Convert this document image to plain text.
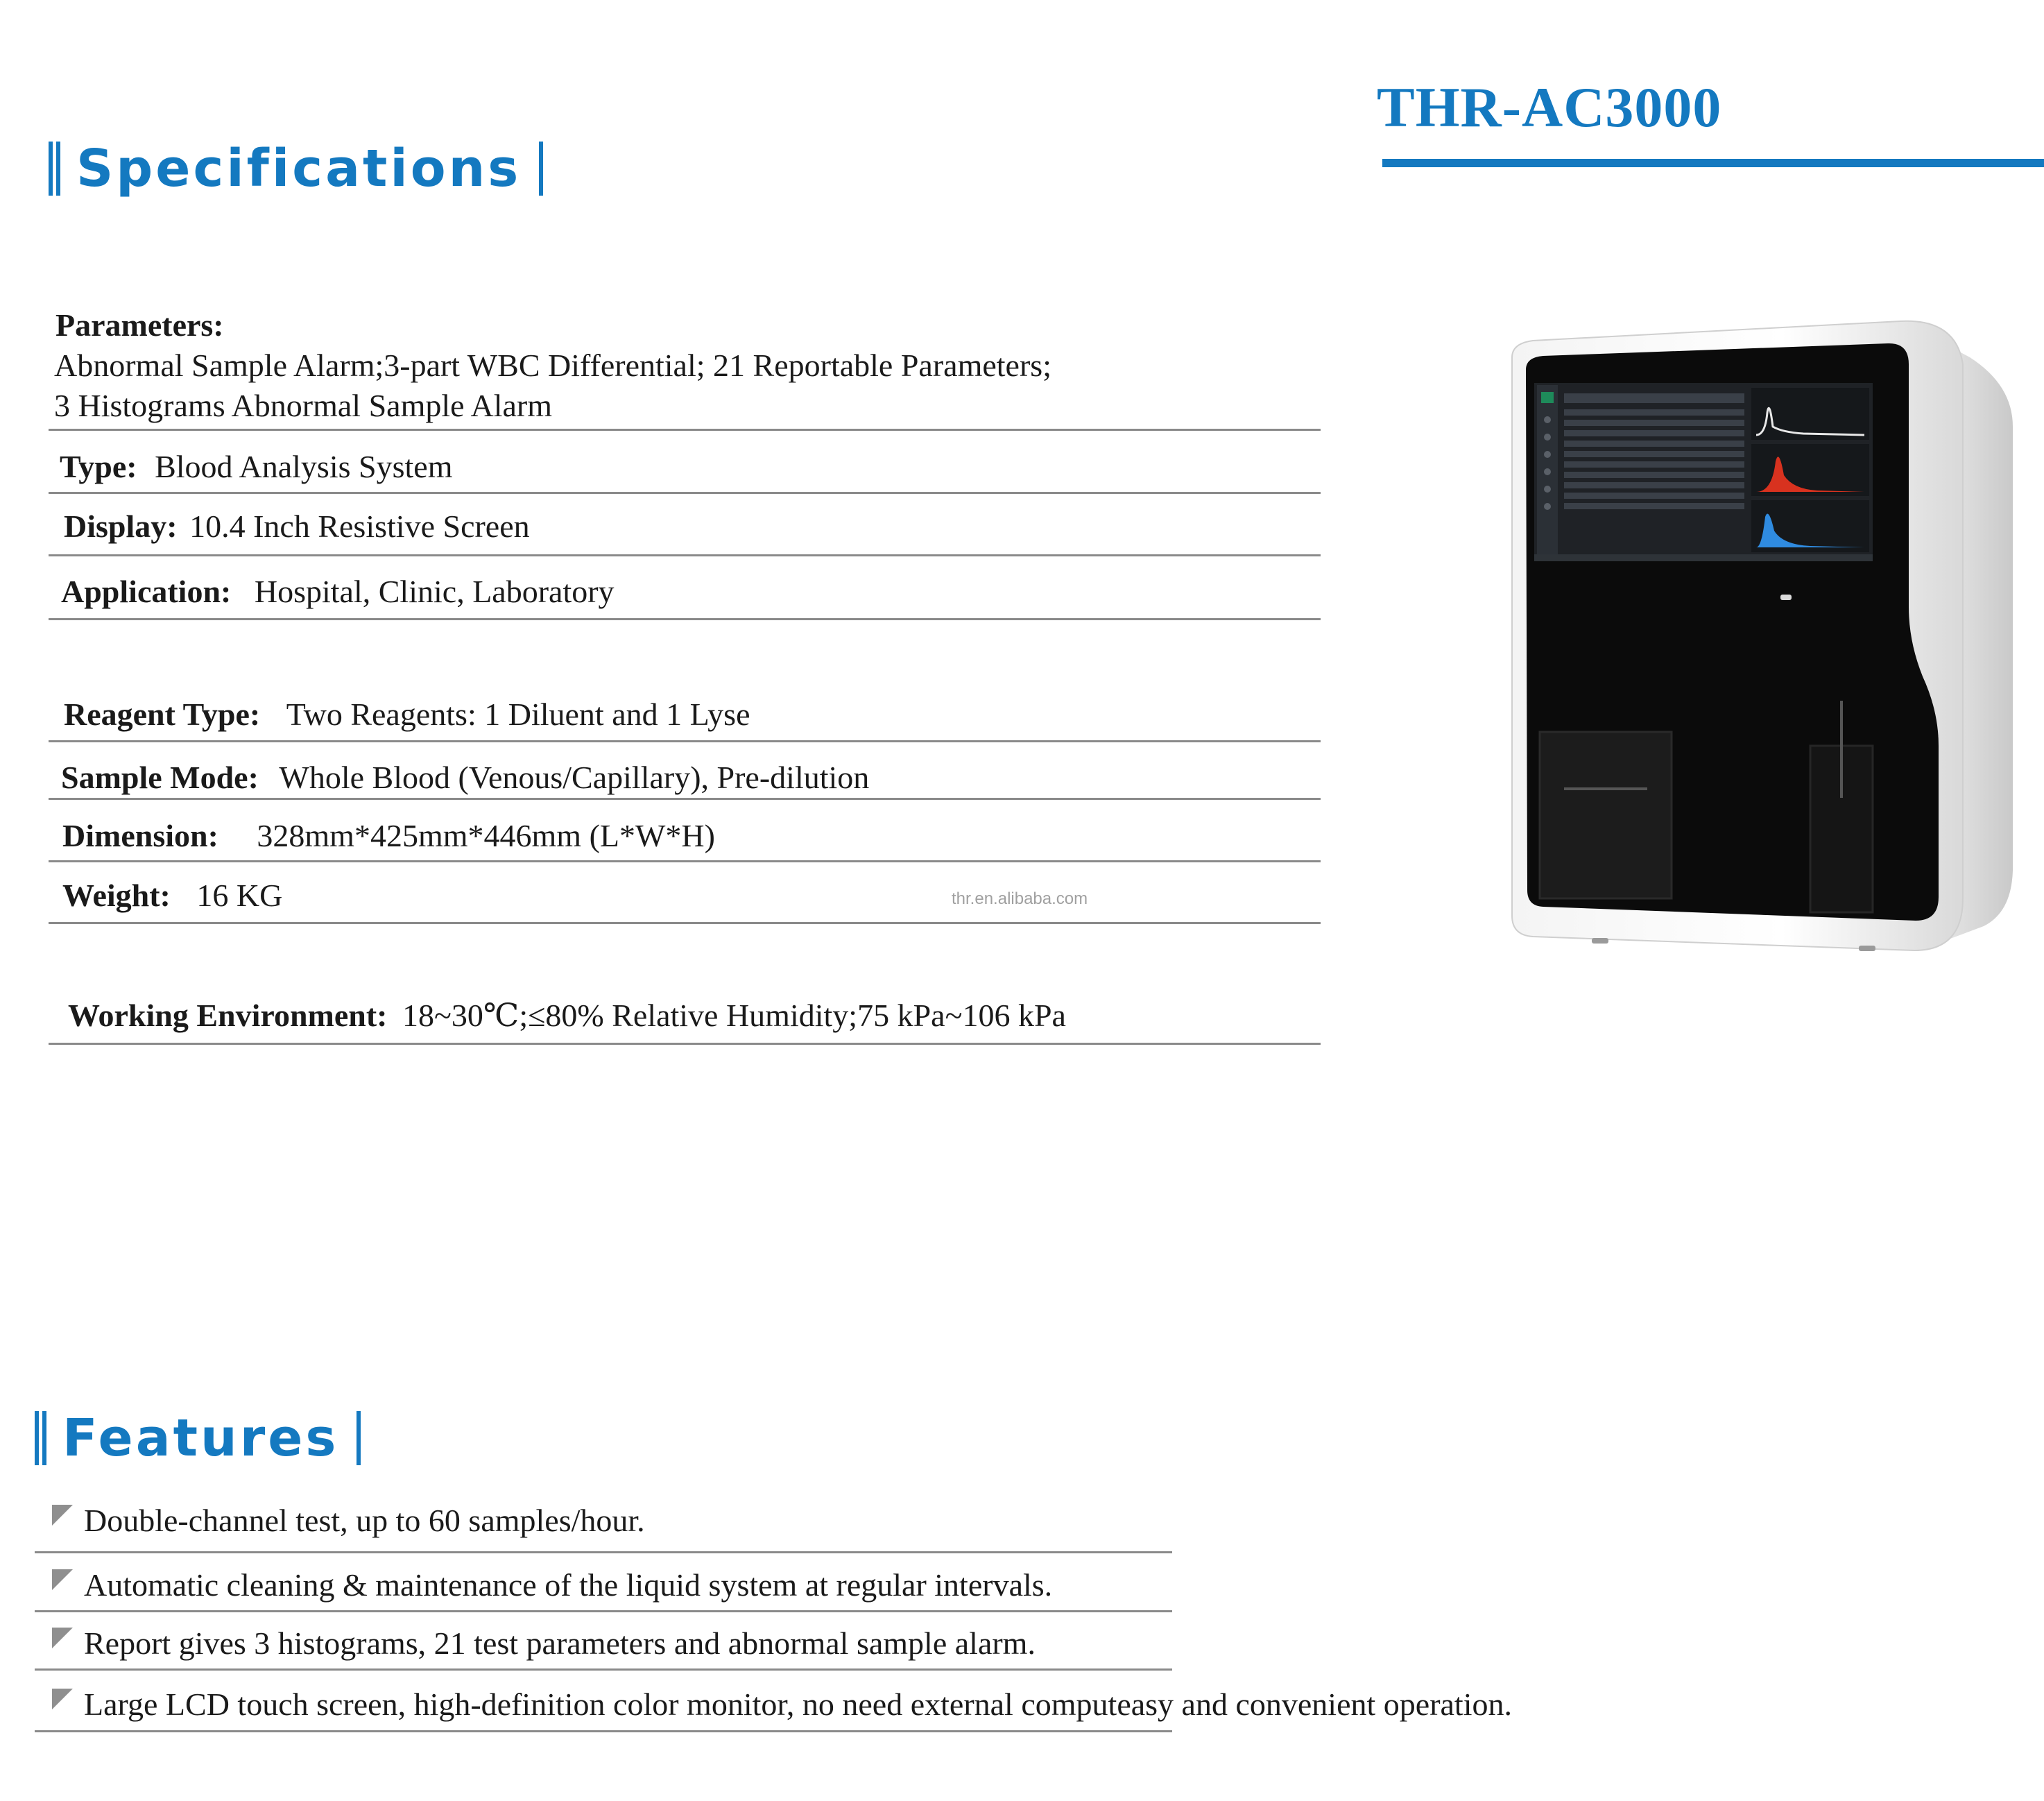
Specifications
THR-AC3000
Parameters:
Abnormal Sample Alarm;3-part WBC Differential; 21 Reportable Parameters;
3 Histograms Abnormal Sample Alarm
Type: Blood Analysis System
Display: 10.4 Inch Resistive Screen
Application: Hospital, Clinic, Laboratory
Reagent Type: Two Reagents: 1 Diluent and 1 Lyse
Sample Mode: Whole Blood (Venous/Capillary), Pre-dilution
Dimension: 328mm*425mm*446mm (L*W*H)
Weight: 16 KG	thr.en.alibaba.com
Working Environment: 18~30℃;≤80% Relative Humidity;75 kPa~106 kPa
Features
Double-channel test, up to 60 samples/hour.
Automatic cleaning & maintenance of the liquid system at regular intervals.
Report gives 3 histograms, 21 test parameters and abnormal sample alarm.
Large LCD touch screen, high-definition color monitor, no need external computeasy and convenient operation.
